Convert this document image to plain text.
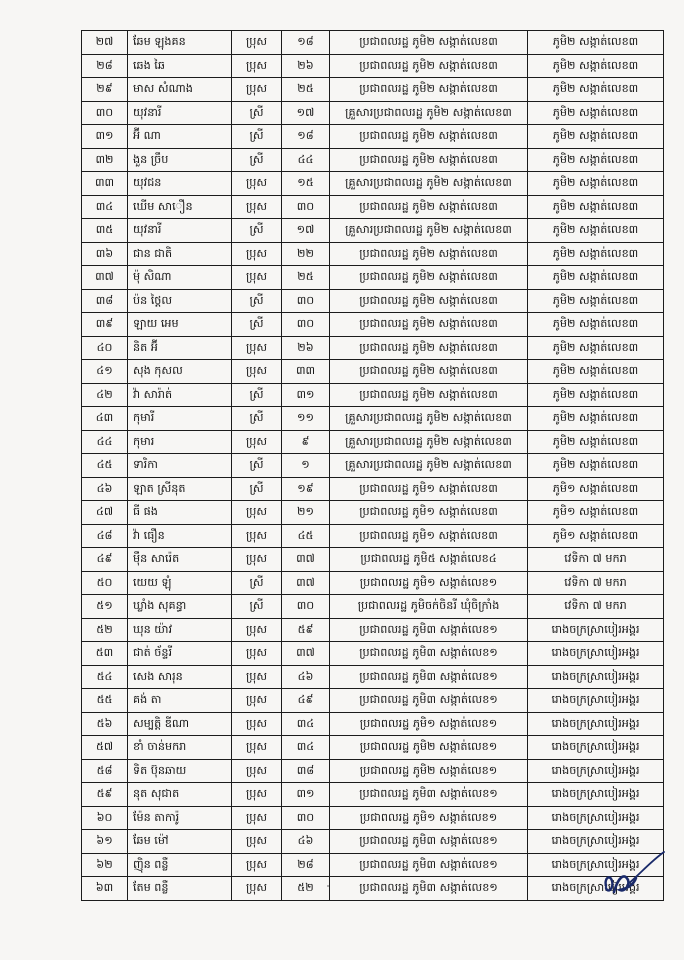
២៧	ឆែម ឡុងគន	ប្រុស	១៨	ប្រជាពលរដ្ឋ ភូមិ២ សង្កាត់លេខ៣	ភូមិ២ សង្កាត់លេខ៣
២៨	ឆេង ឆៃ	ប្រុស	២៦	ប្រជាពលរដ្ឋ ភូមិ២ សង្កាត់លេខ៣	ភូមិ២ សង្កាត់លេខ៣
២៩	មាស សំណាង	ប្រុស	២៥	ប្រជាពលរដ្ឋ ភូមិ២ សង្កាត់លេខ៣	ភូមិ២ សង្កាត់លេខ៣
៣០	យុវនារី	ស្រី	១៧	គ្រួសារប្រជាពលរដ្ឋ ភូមិ២ សង្កាត់លេខ៣	ភូមិ២ សង្កាត់លេខ៣
៣១	អ៊ី ណា	ស្រី	១៨	ប្រជាពលរដ្ឋ ភូមិ២ សង្កាត់លេខ៣	ភូមិ២ សង្កាត់លេខ៣
៣២	ងួន ច្រឹប	ស្រី	៤៤	ប្រជាពលរដ្ឋ ភូមិ២ សង្កាត់លេខ៣	ភូមិ២ សង្កាត់លេខ៣
៣៣	យុវជន	ប្រុស	១៥	គ្រួសារប្រជាពលរដ្ឋ ភូមិ២ សង្កាត់លេខ៣	ភូមិ២ សង្កាត់លេខ៣
៣៤	ឃើម សាឿន	ប្រុស	៣០	ប្រជាពលរដ្ឋ ភូមិ២ សង្កាត់លេខ៣	ភូមិ២ សង្កាត់លេខ៣
៣៥	យុវនារី	ស្រី	១៧	គ្រួសារប្រជាពលរដ្ឋ ភូមិ២ សង្កាត់លេខ៣	ភូមិ២ សង្កាត់លេខ៣
៣៦	ជាន ជាតិ	ប្រុស	២២	ប្រជាពលរដ្ឋ ភូមិ២ សង្កាត់លេខ៣	ភូមិ២ សង្កាត់លេខ៣
៣៧	ម៉ុ សិណា	ប្រុស	២៥	ប្រជាពលរដ្ឋ ភូមិ២ សង្កាត់លេខ៣	ភូមិ២ សង្កាត់លេខ៣
៣៨	ប៉ន ថៃ្ដល	ស្រី	៣០	ប្រជាពលរដ្ឋ ភូមិ២ សង្កាត់លេខ៣	ភូមិ២ សង្កាត់លេខ៣
៣៩	ឡាយ អេម	ស្រី	៣០	ប្រជាពលរដ្ឋ ភូមិ២ សង្កាត់លេខ៣	ភូមិ២ សង្កាត់លេខ៣
៤០	និត អ៊ី	ប្រុស	២៦	ប្រជាពលរដ្ឋ ភូមិ២ សង្កាត់លេខ៣	ភូមិ២ សង្កាត់លេខ៣
៤១	សុង កុសល	ប្រុស	៣៣	ប្រជាពលរដ្ឋ ភូមិ២ សង្កាត់លេខ៣	ភូមិ២ សង្កាត់លេខ៣
៤២	វ៉ា សារ៉ាត់	ស្រី	៣១	ប្រជាពលរដ្ឋ ភូមិ២ សង្កាត់លេខ៣	ភូមិ២ សង្កាត់លេខ៣
៤៣	កុមារី	ស្រី	១១	គ្រួសារប្រជាពលរដ្ឋ ភូមិ២ សង្កាត់លេខ៣	ភូមិ២ សង្កាត់លេខ៣
៤៤	កុមារ	ប្រុស	៩	គ្រួសារប្រជាពលរដ្ឋ ភូមិ២ សង្កាត់លេខ៣	ភូមិ២ សង្កាត់លេខ៣
៤៥	ទារិកា	ស្រី	១	គ្រួសារប្រជាពលរដ្ឋ ភូមិ២ សង្កាត់លេខ៣	ភូមិ២ សង្កាត់លេខ៣
៤៦	ឡាត ស្រីនុត	ស្រី	១៩	ប្រជាពលរដ្ឋ ភូមិ១ សង្កាត់លេខ៣	ភូមិ១ សង្កាត់លេខ៣
៤៧	ធី ផង	ប្រុស	២១	ប្រជាពលរដ្ឋ ភូមិ១ សង្កាត់លេខ៣	ភូមិ១ សង្កាត់លេខ៣
៤៨	វ៉ា ធឿន	ប្រុស	៤៥	ប្រជាពលរដ្ឋ ភូមិ១ សង្កាត់លេខ៣	ភូមិ១ សង្កាត់លេខ៣
៤៩	ម៉ឺន សារ៉េត	ប្រុស	៣៧	ប្រជាពលរដ្ឋ ភូមិ៥ សង្កាត់លេខ៤	វេទិកា ៧ មករា
៥០	យេយ ឡុំ	ស្រី	៣៧	ប្រជាពលរដ្ឋ ភូមិ១ សង្កាត់លេខ១	វេទិកា ៧ មករា
៥១	ឃ្លាំង សុគន្ធា	ស្រី	៣០	ប្រជាពលរដ្ឋ ភូមិចក់ចិនរី ឃុំចិក្រាំង	វេទិកា ៧ មករា
៥២	ឃុន យ៉ាវ	ប្រុស	៥៩	ប្រជាពលរដ្ឋ ភូមិ៣ សង្កាត់លេខ១	រោងចក្រស្រាបៀរអង្គរ
៥៣	ជាត់ ច័ន្ទរី	ប្រុស	៣៧	ប្រជាពលរដ្ឋ ភូមិ៣ សង្កាត់លេខ១	រោងចក្រស្រាបៀរអង្គរ
៥៤	សេង សារុន	ប្រុស	៤៦	ប្រជាពលរដ្ឋ ភូមិ៣ សង្កាត់លេខ១	រោងចក្រស្រាបៀរអង្គរ
៥៥	គង់ តា	ប្រុស	៤៩	ប្រជាពលរដ្ឋ ភូមិ៣ សង្កាត់លេខ១	រោងចក្រស្រាបៀរអង្គរ
៥៦	សម្បត្តិ ឌីណា	ប្រុស	៣៤	ប្រជាពលរដ្ឋ ភូមិ១ សង្កាត់លេខ១	រោងចក្រស្រាបៀរអង្គរ
៥៧	ខាំ ចាន់មករា	ប្រុស	៣៤	ប្រជាពលរដ្ឋ ភូមិ២ សង្កាត់លេខ១	រោងចក្រស្រាបៀរអង្គរ
៥៨	ទិត ប៊ុនឆាយ	ប្រុស	៣៨	ប្រជាពលរដ្ឋ ភូមិ២ សង្កាត់លេខ១	រោងចក្រស្រាបៀរអង្គរ
៥៩	នុត សុជាត	ប្រុស	៣១	ប្រជាពលរដ្ឋ ភូមិ៣ សង្កាត់លេខ១	រោងចក្រស្រាបៀរអង្គរ
៦០	ម៉ែន តាការ៉ូ	ប្រុស	៣០	ប្រជាពលរដ្ឋ ភូមិ១ សង្កាត់លេខ១	រោងចក្រស្រាបៀរអង្គរ
៦១	ឆែម ម៉ៅ	ប្រុស	៤៦	ប្រជាពលរដ្ឋ ភូមិ៣ សង្កាត់លេខ១	រោងចក្រស្រាបៀរអង្គរ
៦២	ញ៉ិន ពន្លឺ	ប្រុស	២៨	ប្រជាពលរដ្ឋ ភូមិ៣ សង្កាត់លេខ១	រោងចក្រស្រាបៀរអង្គរ
៦៣	តែម ពន្លឺ	ប្រុស	៥២	ប្រជាពលរដ្ឋ ភូមិ៣ សង្កាត់លេខ១	រោងចក្រស្រាបៀរអង្គរ
